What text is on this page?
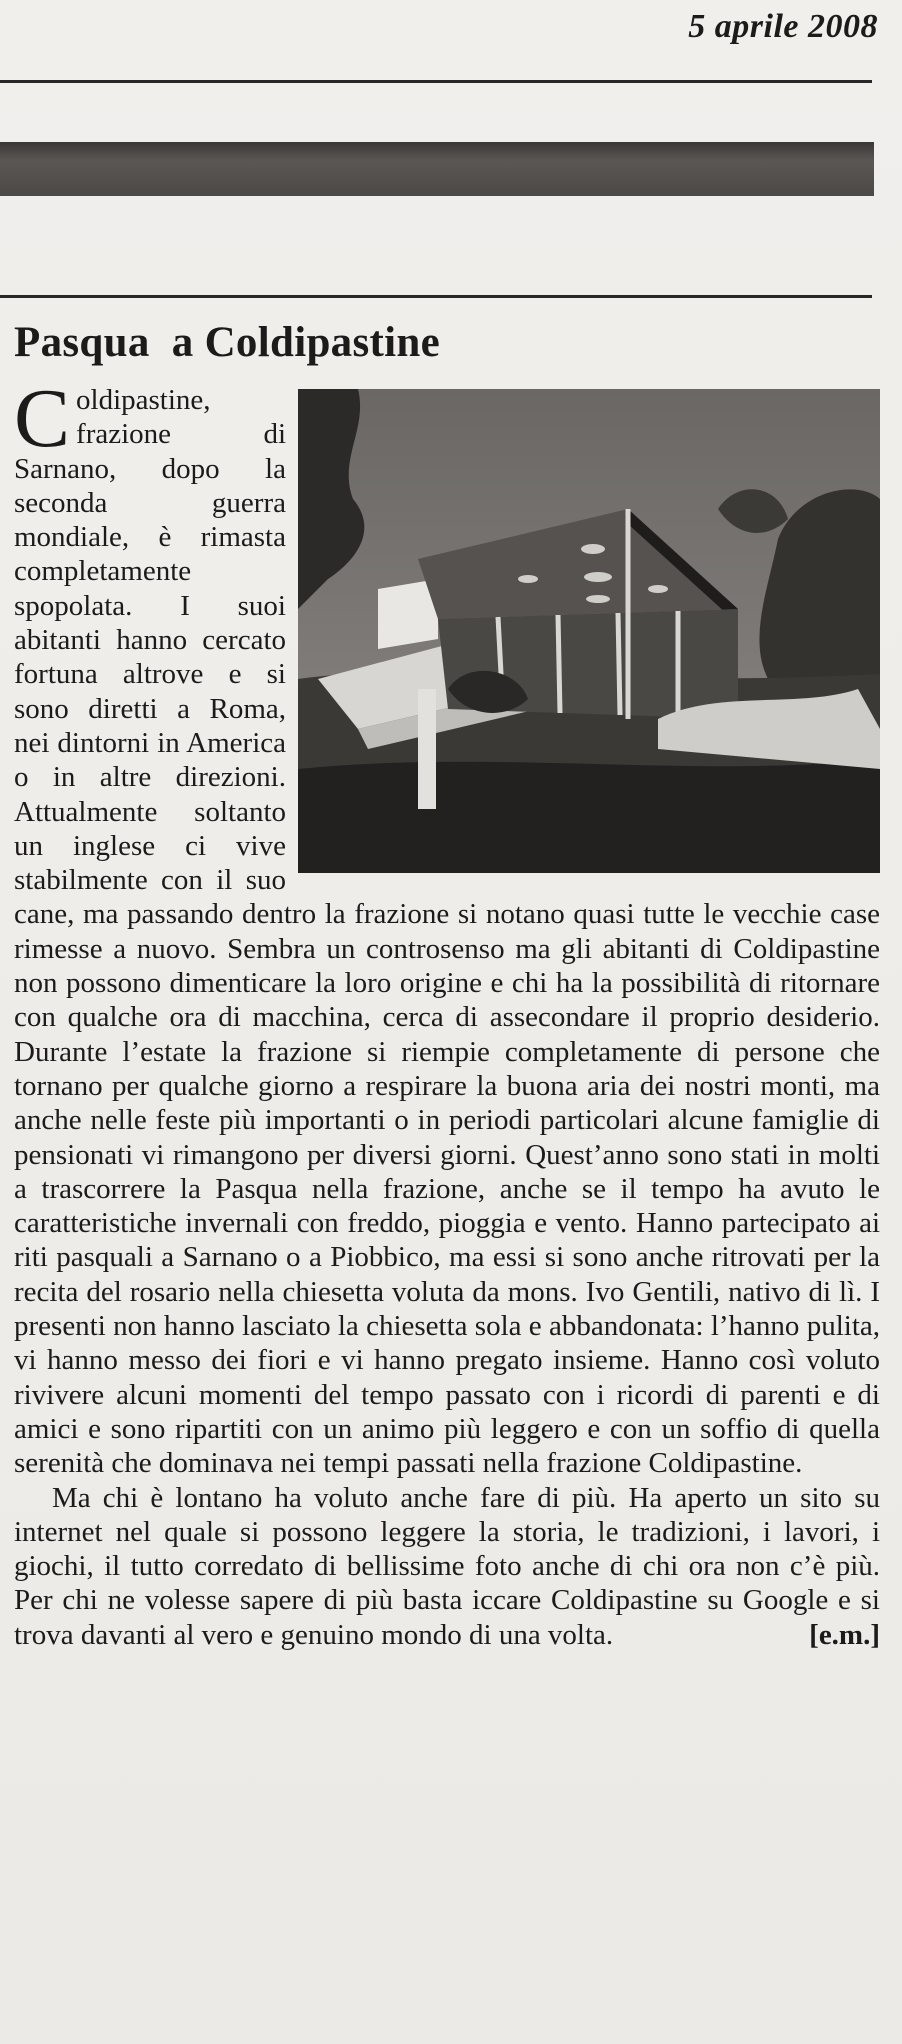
5 aprile 2008
Pasqua  a Coldipastine

C oldipastine, frazione di Sarnano, dopo la seconda guerra mondiale, è rimasta completamente spopolata. I suoi abitanti hanno cercato fortuna altrove e si sono diretti a Roma, nei dintorni in America o in altre direzioni. Attualmente soltanto un inglese ci vive stabilmente con il suo cane, ma passando dentro la frazione si notano quasi tutte le vecchie case rimesse a nuovo. Sembra un controsenso ma gli abitanti di Coldipastine non possono dimenticare la loro origine e chi ha la possibilità di ritornare con qualche ora di macchina, cerca di assecondare il proprio desiderio. Durante l’estate la frazione si riempie completamente di persone che tornano per qualche giorno a respirare la buona aria dei nostri monti, ma anche nelle feste più importanti o in periodi particolari alcune famiglie di pensionati vi rimangono per diversi giorni. Quest’anno sono stati in molti a trascorrere la Pasqua nella frazione, anche se il tempo ha avuto le caratteristiche invernali con freddo, pioggia e vento. Hanno partecipato ai riti pasquali a Sarnano o a Piobbico, ma essi si sono anche ritrovati per la recita del rosario nella chiesetta voluta da mons. Ivo Gentili, nativo di lì. I presenti non hanno lasciato la chiesetta sola e abbandonata: l’hanno pulita, vi hanno messo dei fiori e vi hanno pregato insieme. Hanno così voluto rivivere alcuni momenti del tempo passato con i ricordi di parenti e di amici e sono ripartiti con un animo più leggero e con un soffio di quella serenità che dominava nei tempi passati nella frazione Coldipastine.

Ma chi è lontano ha voluto anche fare di più. Ha aperto un sito su internet nel quale si possono leggere la storia, le tradizioni, i lavori, i giochi, il tutto corredato di bellissime foto anche di chi ora non c’è più. Per chi ne volesse sapere di più basta iccare Coldipastine su Google e si trova davanti al vero e genuino mondo di una volta.	[e.m.]
